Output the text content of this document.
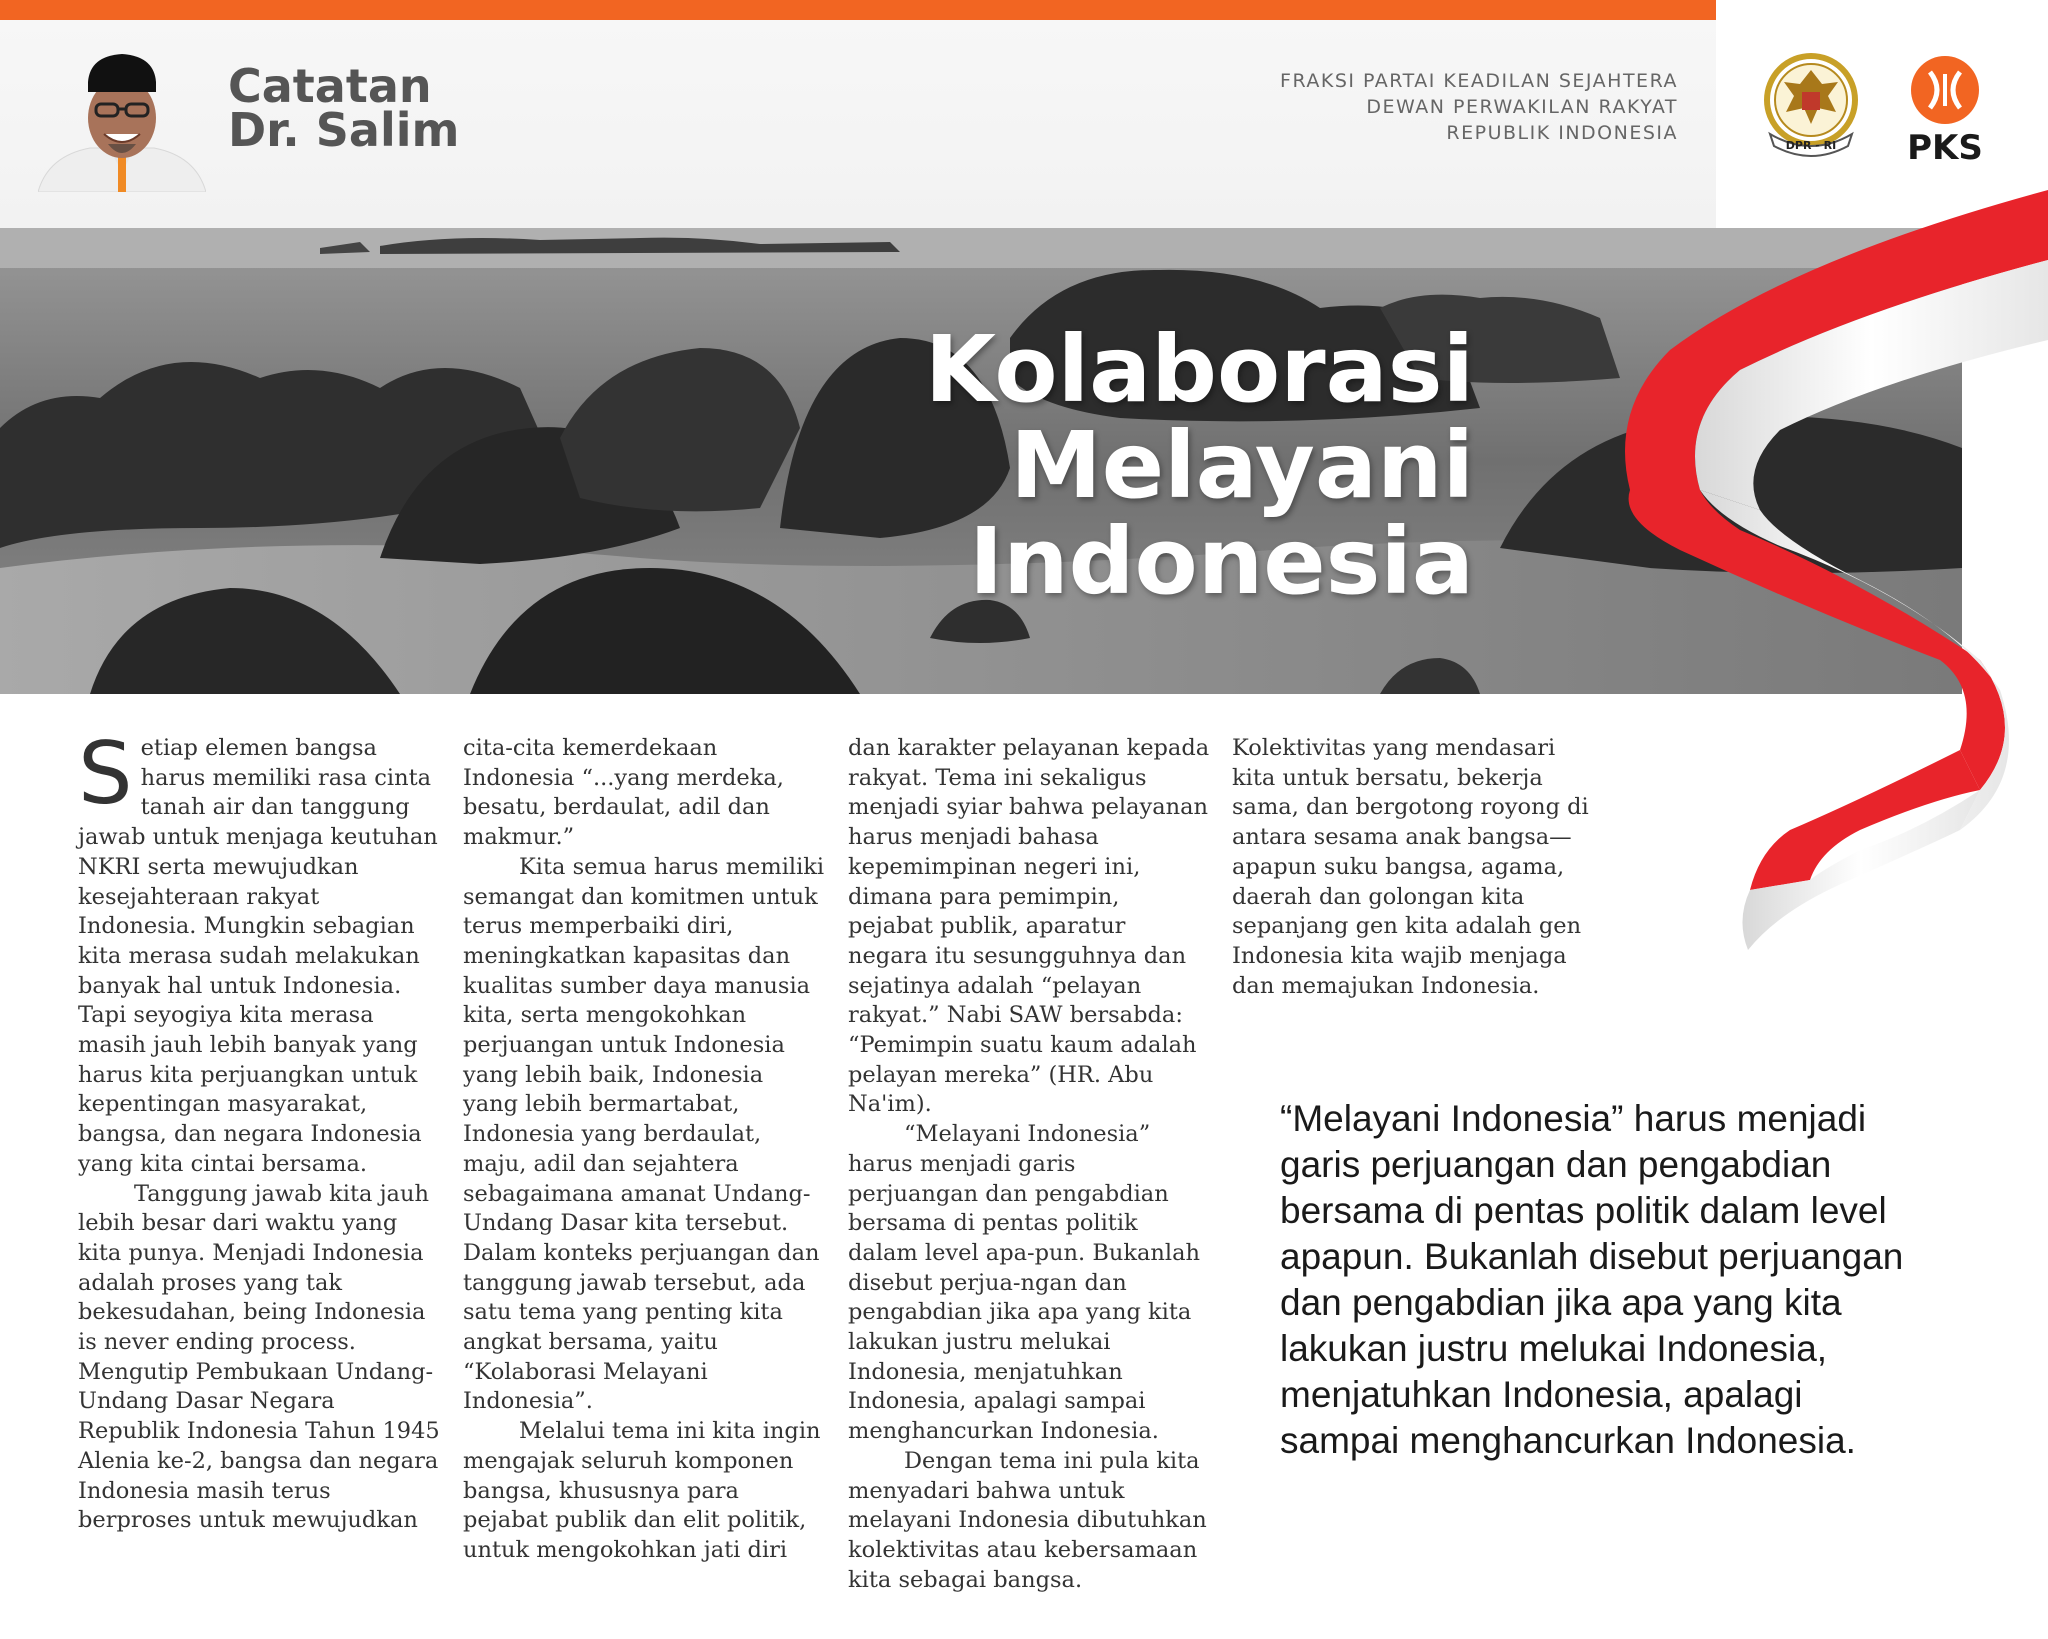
Catatan
Dr. Salim
FRAKSI PARTAI KEADILAN SEJAHTERA
DEWAN PERWAKILAN RAKYAT
REPUBLIK INDONESIA
DPR - RI PKS
Kolaborasi
Melayani
Indonesia
S etiap elemen bangsa harus memiliki rasa cinta tanah air dan tanggung jawab untuk menjaga keutuhan NKRI serta mewujudkan kesejahteraan rakyat Indonesia. Mungkin sebagian kita merasa sudah melakukan banyak hal untuk Indonesia. Tapi seyogiya kita merasa masih jauh lebih banyak yang harus kita perjuangkan untuk kepentingan masyarakat, bangsa, dan negara Indonesia yang kita cintai bersama.

Tanggung jawab kita jauh lebih besar dari waktu yang kita punya. Menjadi Indonesia adalah proses yang tak bekesudahan, being Indonesia is never ending process. Mengutip Pembukaan Undang-Undang Dasar Negara Republik Indonesia Tahun 1945 Alenia ke-2, bangsa dan negara Indonesia masih terus berproses untuk mewujudkan

cita-cita kemerdekaan Indonesia “...yang merdeka, besatu, berdaulat, adil dan makmur.”

Kita semua harus memiliki semangat dan komitmen untuk terus memperbaiki diri, meningkatkan kapasitas dan kualitas sumber daya manusia kita, serta mengokohkan perjuangan untuk Indonesia yang lebih baik, Indonesia yang lebih bermartabat, Indonesia yang berdaulat, maju, adil dan sejahtera sebagaimana amanat Undang-Undang Dasar kita tersebut. Dalam konteks perjuangan dan tanggung jawab tersebut, ada satu tema yang penting kita angkat bersama, yaitu “Kolaborasi Melayani Indonesia”.

Melalui tema ini kita ingin mengajak seluruh komponen bangsa, khususnya para pejabat publik dan elit politik, untuk mengokohkan jati diri

dan karakter pelayanan kepada rakyat. Tema ini sekaligus menjadi syiar bahwa pelayanan harus menjadi bahasa kepemimpinan negeri ini, dimana para pemimpin, pejabat publik, aparatur negara itu sesungguhnya dan sejatinya adalah “pelayan rakyat.” Nabi SAW bersabda: “Pemimpin suatu kaum adalah pelayan mereka” (HR. Abu Na'im).

“Melayani Indonesia” harus menjadi garis perjuangan dan pengabdian bersama di pentas politik dalam level apa-pun. Bukanlah disebut perjua-ngan dan pengabdian jika apa yang kita lakukan justru melukai Indonesia, menjatuhkan Indonesia, apalagi sampai menghancurkan Indonesia.

Dengan tema ini pula kita menyadari bahwa untuk melayani Indonesia dibutuhkan kolektivitas atau kebersamaan kita sebagai bangsa.

Kolektivitas yang mendasari kita untuk bersatu, bekerja sama, dan bergotong royong di antara sesama anak bangsa—apapun suku bangsa, agama, daerah dan golongan kita sepanjang gen kita adalah gen Indonesia kita wajib menjaga dan memajukan Indonesia.

“Melayani Indonesia” harus menjadi garis perjuangan dan pengabdian bersama di pentas politik dalam level apapun. Bukanlah disebut perjuangan dan pengabdian jika apa yang kita lakukan justru melukai Indonesia, menjatuhkan Indonesia, apalagi sampai menghancurkan Indonesia.
